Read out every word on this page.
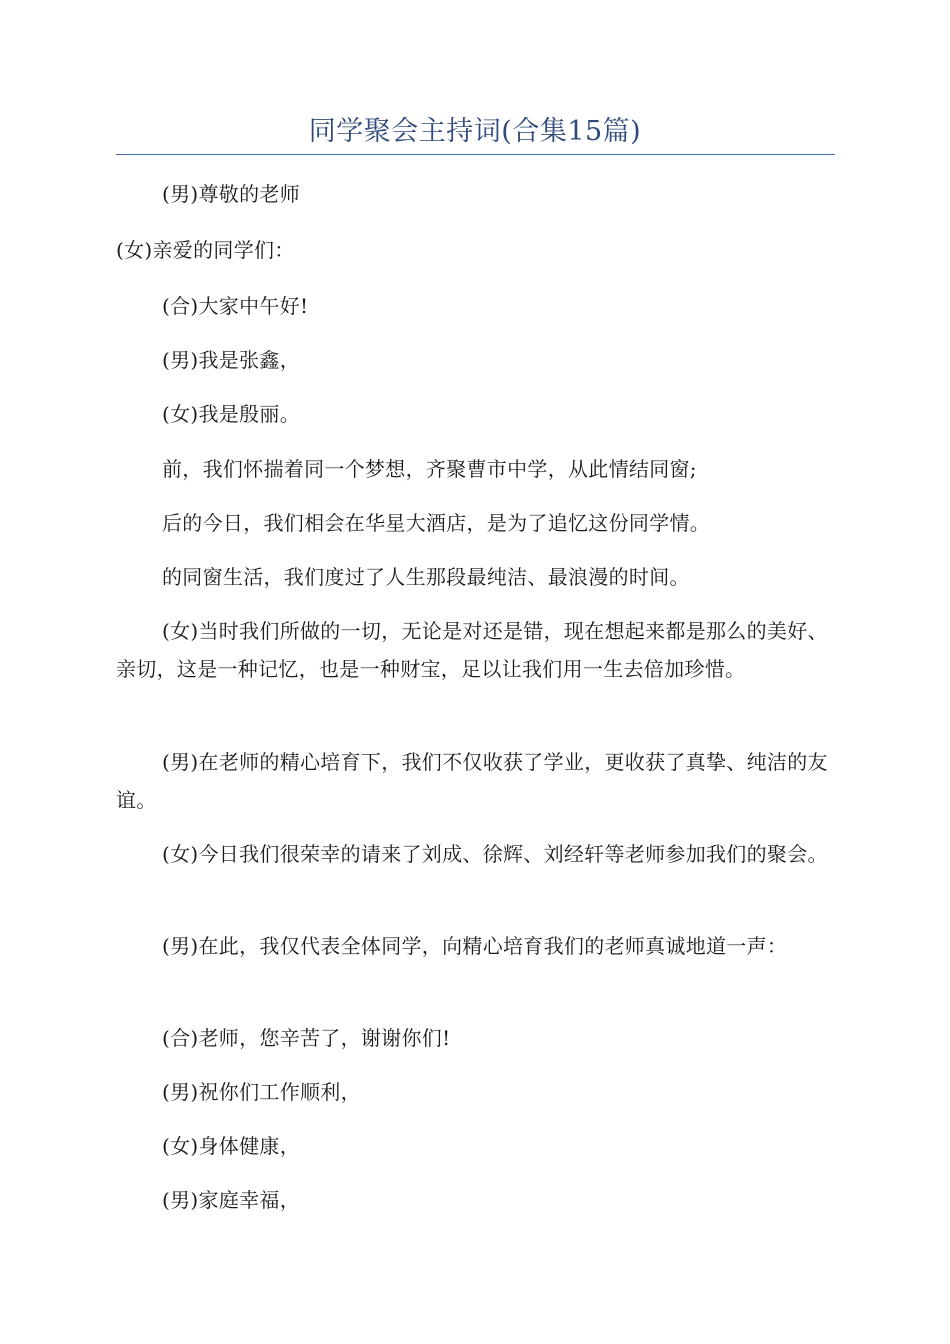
同学聚会主持词(合集15篇)

(男)尊敬的老师

(女)亲爱的同学们：

(合)大家中午好!

(男)我是张鑫，

(女)我是殷丽。

前，我们怀揣着同一个梦想，齐聚曹市中学，从此情结同窗;

后的今日，我们相会在华星大酒店，是为了追忆这份同学情。

的同窗生活，我们度过了人生那段最纯洁、最浪漫的时间。

(女)当时我们所做的一切，无论是对还是错，现在想起来都是那么的美好、亲切，这是一种记忆，也是一种财宝，足以让我们用一生去倍加珍惜。

(男)在老师的精心培育下，我们不仅收获了学业，更收获了真挚、纯洁的友谊。

(女)今日我们很荣幸的请来了刘成、徐辉、刘经轩等老师参加我们的聚会。

(男)在此，我仅代表全体同学，向精心培育我们的老师真诚地道一声：

(合)老师，您辛苦了，谢谢你们!

(男)祝你们工作顺利，

(女)身体健康，

(男)家庭幸福，
